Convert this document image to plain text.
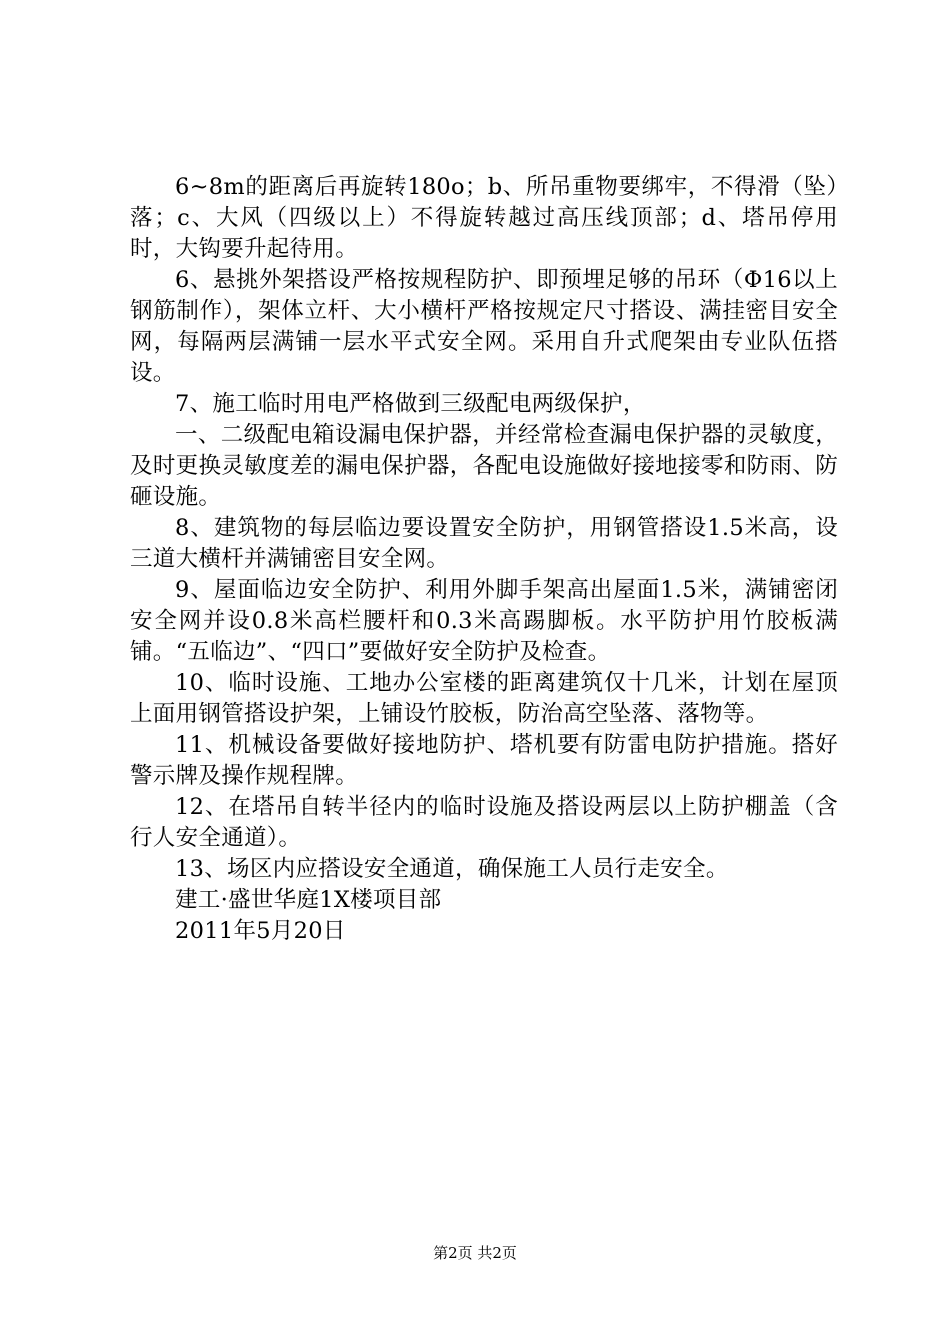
6~8m的距离后再旋转180o；b、所吊重物要绑牢，不得滑（坠）落；c、大风（四级以上）不得旋转越过高压线顶部；d、塔吊停用时，大钩要升起待用。

6、悬挑外架搭设严格按规程防护、即预埋足够的吊环（Φ16以上钢筋制作），架体立杆、大小横杆严格按规定尺寸搭设、满挂密目安全网，每隔两层满铺一层水平式安全网。采用自升式爬架由专业队伍搭设。

7、施工临时用电严格做到三级配电两级保护，

一、二级配电箱设漏电保护器，并经常检查漏电保护器的灵敏度，及时更换灵敏度差的漏电保护器，各配电设施做好接地接零和防雨、防砸设施。

8、建筑物的每层临边要设置安全防护，用钢管搭设1.5米高，设三道大横杆并满铺密目安全网。

9、屋面临边安全防护、利用外脚手架高出屋面1.5米，满铺密闭安全网并设0.8米高栏腰杆和0.3米高踢脚板。水平防护用竹胶板满铺。“五临边”、“四口”要做好安全防护及检查。

10、临时设施、工地办公室楼的距离建筑仅十几米，计划在屋顶上面用钢管搭设护架，上铺设竹胶板，防治高空坠落、落物等。

11、机械设备要做好接地防护、塔机要有防雷电防护措施。搭好警示牌及操作规程牌。

12、在塔吊自转半径内的临时设施及搭设两层以上防护棚盖（含行人安全通道）。

13、场区内应搭设安全通道，确保施工人员行走安全。

建工·盛世华庭1X楼项目部

2011年5月20日

第2页 共2页
